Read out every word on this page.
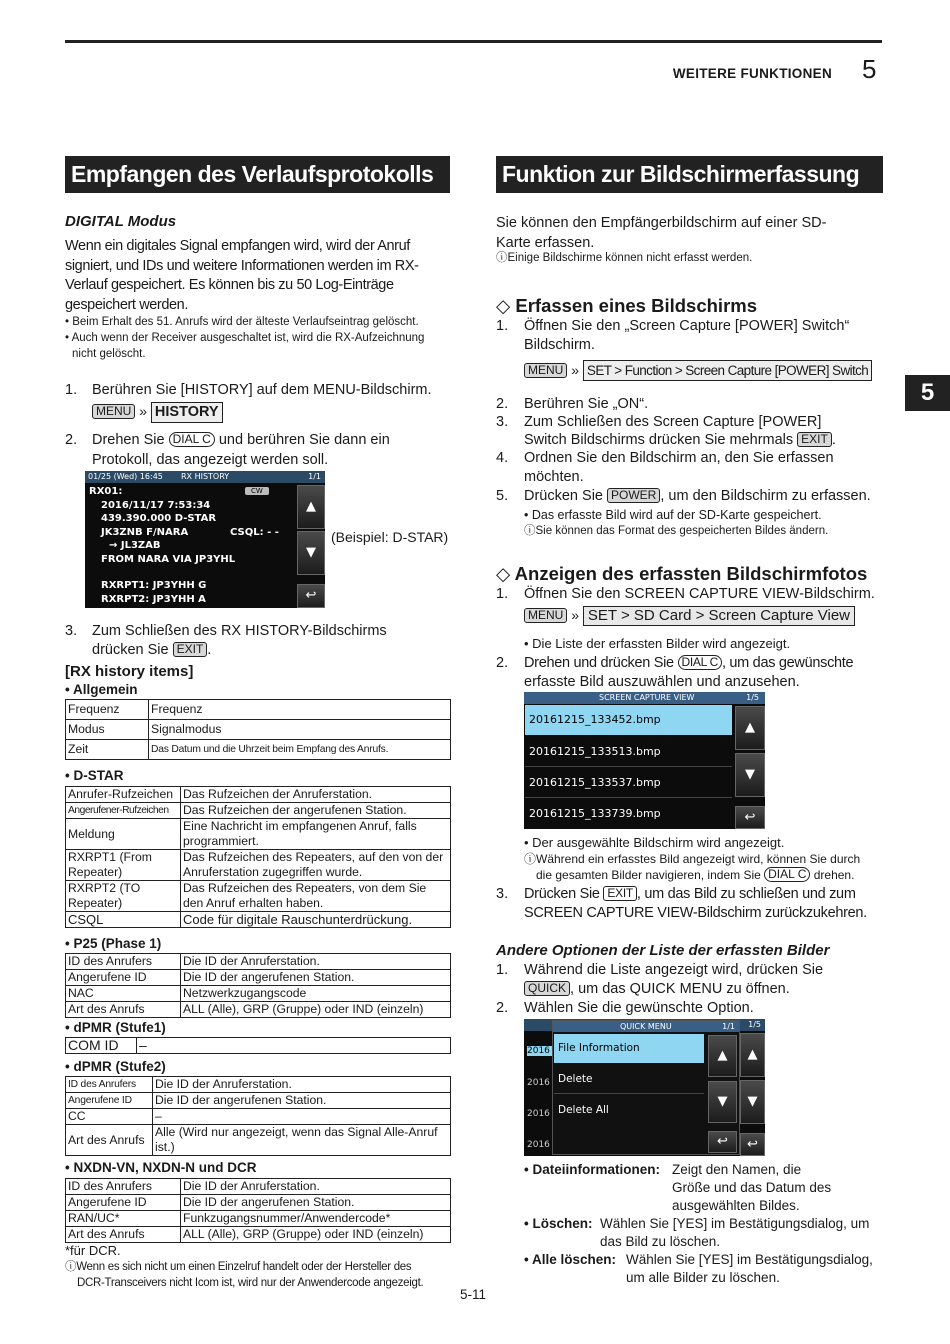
WEITERE FUNKTIONEN 5
5
Empfangen des Verlaufsprotokolls
DIGITAL Modus
Wenn ein digitales Signal empfangen wird, wird der Anruf
signiert, und IDs und weitere Informationen werden im RX-
Verlauf gespeichert. Es können bis zu 50 Log-Einträge
gespeichert werden.
• Beim Erhalt des 51. Anrufs wird der älteste Verlaufseintrag gelöscht.
• Auch wenn der Receiver ausgeschaltet ist, wird die RX-Aufzeichnung
nicht gelöscht.
1. Berühren Sie [HISTORY] auf dem MENU-Bildschirm.
MENU » HISTORY
2. Drehen Sie DIAL C und berühren Sie dann ein
Protokoll, das angezeigt werden soll.
01/25 (Wed) 16:45 RX HISTORY	1/1
RX01:
2016/11/17 7:53:34
439.390.000 D-STAR
JK3ZNB F/NARA
→ JL3ZAB
FROM NARA VIA JP3YHL
RXRPT1: JP3YHH G
RXRPT2: JP3YHH A
CW
CSQL: - -
▲
▼
↩
(Beispiel: D-STAR)
3. Zum Schließen des RX HISTORY-Bildschirms
drücken Sie EXIT .
[RX history items]
• Allgemein
Frequenz	Frequenz
Modus	Signalmodus
Zeit	Das Datum und die Uhrzeit beim Empfang des Anrufs.
• D-STAR
Anrufer-Rufzeichen	Das Rufzeichen der Anruferstation.
Angerufener-Rufzeichen	Das Rufzeichen der angerufenen Station.
Meldung	Eine Nachricht im empfangenen Anruf, falls programmiert.
RXRPT1 (From Repeater)	Das Rufzeichen des Repeaters, auf den von der Anruferstation zugegriffen wurde.
RXRPT2 (TO Repeater)	Das Rufzeichen des Repeaters, von dem Sie den Anruf erhalten haben.
CSQL	Code für digitale Rauschunterdrückung.
• P25 (Phase 1)
ID des Anrufers	Die ID der Anruferstation.
Angerufene ID	Die ID der angerufenen Station.
NAC	Netzwerkzugangscode
Art des Anrufs	ALL (Alle), GRP (Gruppe) oder IND (einzeln)
• dPMR (Stufe1)
COM ID	–
• dPMR (Stufe2)
ID des Anrufers	Die ID der Anruferstation.
Angerufene ID	Die ID der angerufenen Station.
CC	–
Art des Anrufs	Alle (Wird nur angezeigt, wenn das Signal Alle-Anruf ist.)
• NXDN-VN, NXDN-N und DCR
ID des Anrufers	Die ID der Anruferstation.
Angerufene ID	Die ID der angerufenen Station.
RAN/UC*	Funkzugangsnummer/Anwendercode*
Art des Anrufs	ALL (Alle), GRP (Gruppe) oder IND (einzeln)
*für DCR.
ⓘWenn es sich nicht um einen Einzelruf handelt oder der Hersteller des
DCR-Transceivers nicht Icom ist, wird nur der Anwendercode angezeigt.
5-11
Funktion zur Bildschirmerfassung
Sie können den Empfängerbildschirm auf einer SD-
Karte erfassen.
ⓘEinige Bildschirme können nicht erfasst werden.
◇ Erfassen eines Bildschirms
1. Öffnen Sie den „Screen Capture [POWER] Switch“
Bildschirm.
MENU » SET > Function > Screen Capture [POWER] Switch
2. Berühren Sie „ON“.
3. Zum Schließen des Screen Capture [POWER]
Switch Bildschirms drücken Sie mehrmals EXIT .
4. Ordnen Sie den Bildschirm an, den Sie erfassen
möchten.
5. Drücken Sie POWER , um den Bildschirm zu erfassen.
• Das erfasste Bild wird auf der SD-Karte gespeichert.
ⓘSie können das Format des gespeicherten Bildes ändern.
◇ Anzeigen des erfassten Bildschirmfotos
1. Öffnen Sie den SCREEN CAPTURE VIEW-Bildschirm.
MENU » SET > SD Card > Screen Capture View
• Die Liste der erfassten Bilder wird angezeigt.
2. Drehen und drücken Sie DIAL C , um das gewünschte
erfasste Bild auszuwählen und anzusehen.
SCREEN CAPTURE VIEW	1/5
20161215_133452.bmp
20161215_133513.bmp
20161215_133537.bmp
20161215_133739.bmp
▲
▼
↩
• Der ausgewählte Bildschirm wird angezeigt.
ⓘWährend ein erfasstes Bild angezeigt wird, können Sie durch
die gesamten Bilder navigieren, indem Sie DIAL C drehen.
3. Drücken Sie EXIT , um das Bild zu schließen und zum
SCREEN CAPTURE VIEW-Bildschirm zurückzukehren.
Andere Optionen der Liste der erfassten Bilder
1. Während die Liste angezeigt wird, drücken Sie
QUICK , um das QUICK MENU zu öffnen.
2. Wählen Sie die gewünschte Option.
1/5
2016
2016
2016
2016
QUICK MENU	1/1
File Information
Delete
Delete All
▲
▼
↩
▲
▼
↩
• Dateiinformationen: Zeigt den Namen, die
Größe und das Datum des
ausgewählten Bildes.
• Löschen: Wählen Sie [YES] im Bestätigungsdialog, um
das Bild zu löschen.
• Alle löschen: Wählen Sie [YES] im Bestätigungsdialog,
um alle Bilder zu löschen.
